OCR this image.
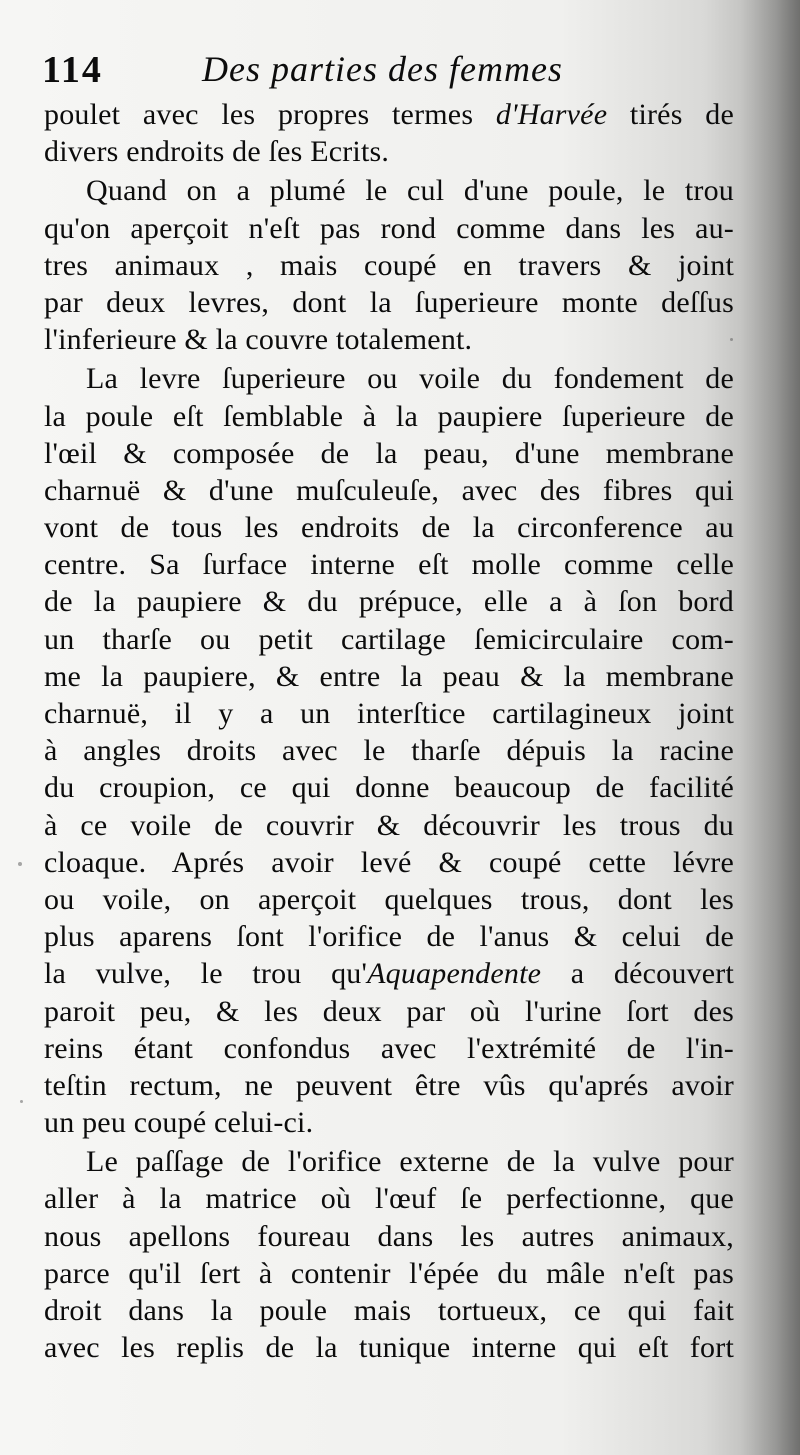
114	Des parties des femmes
poulet avec les propres termes d'Harvée tirés de
divers endroits de ſes Ecrits.
Quand on a plumé le cul d'une poule, le trou
qu'on aperçoit n'eſt pas rond comme dans les au-
tres animaux , mais coupé en travers & joint
par deux levres, dont la ſuperieure monte deſſus
l'inferieure & la couvre totalement.
La levre ſuperieure ou voile du fondement de
la poule eſt ſemblable à la paupiere ſuperieure de
l'œil & composée de la peau, d'une membrane
charnuë & d'une muſculeuſe, avec des fibres qui
vont de tous les endroits de la circonference au
centre. Sa ſurface interne eſt molle comme celle
de la paupiere & du prépuce, elle a à ſon bord
un tharſe ou petit cartilage ſemicirculaire com-
me la paupiere, & entre la peau & la membrane
charnuë, il y a un interſtice cartilagineux joint
à angles droits avec le tharſe dépuis la racine
du croupion, ce qui donne beaucoup de facilité
à ce voile de couvrir & découvrir les trous du
cloaque. Aprés avoir levé & coupé cette lévre
ou voile, on aperçoit quelques trous, dont les
plus aparens ſont l'orifice de l'anus & celui de
la vulve, le trou qu'Aquapendente a découvert
paroit peu, & les deux par où l'urine ſort des
reins étant confondus avec l'extrémité de l'in-
teſtin rectum, ne peuvent être vûs qu'aprés avoir
un peu coupé celui-ci.
Le paſſage de l'orifice externe de la vulve pour
aller à la matrice où l'œuf ſe perfectionne, que
nous apellons foureau dans les autres animaux,
parce qu'il ſert à contenir l'épée du mâle n'eſt pas
droit dans la poule mais tortueux, ce qui fait
avec les replis de la tunique interne qui eſt fort
